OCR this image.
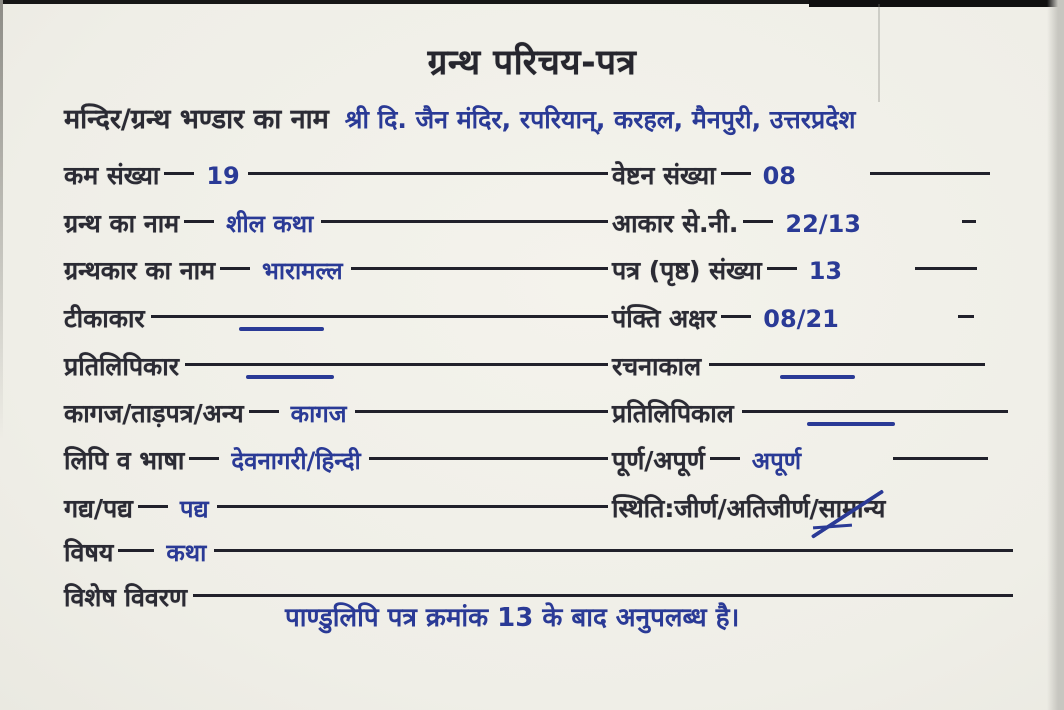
ग्रन्थ परिचय-पत्र
मन्दिर/ग्रन्थ भण्डार का नाम श्री दि. जैन मंदिर, रपरियान्, करहल, मैनपुरी, उत्तरप्रदेश
कम संख्या 19	वेष्टन संख्या 08
ग्रन्थ का नाम शील कथा	आकार से.नी. 22/13
ग्रन्थकार का नाम भारामल्ल	पत्र (पृष्ठ) संख्या 13
टीकाकार	पंक्ति अक्षर 08/21
प्रतिलिपिकार	रचनाकाल
कागज/ताड़पत्र/अन्य कागज	प्रतिलिपिकाल
लिपि व भाषा देवनागरी/हिन्दी	पूर्ण/अपूर्ण अपूर्ण
गद्य/पद्य पद्य	स्थिति:जीर्ण/अतिजीर्ण/ सामान्य
विषय कथा
विशेष विवरण
पाण्डुलिपि पत्र क्रमांक 13 के बाद अनुपलब्ध है।
